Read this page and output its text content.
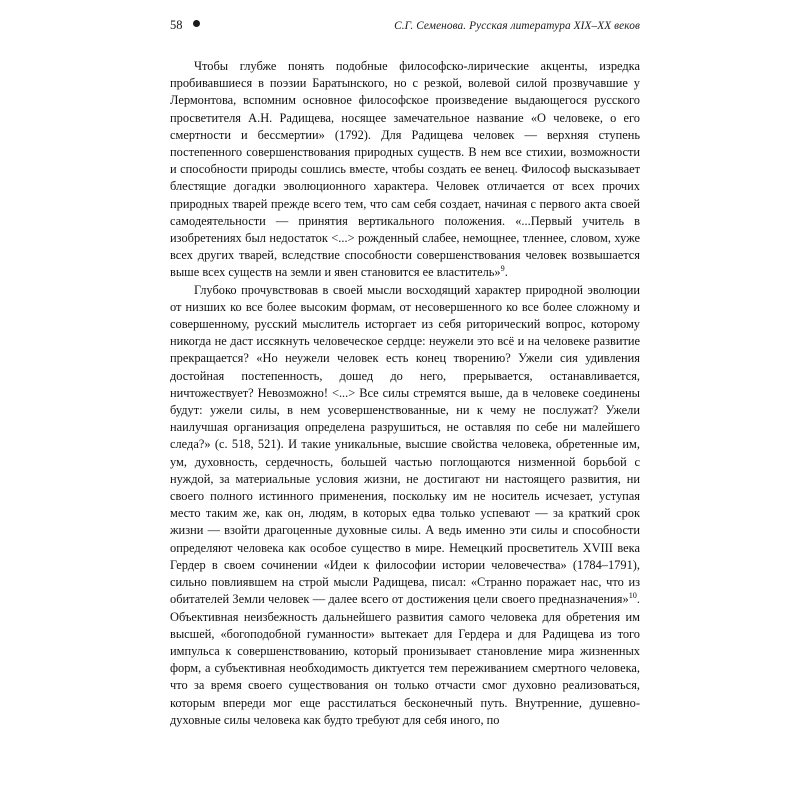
58	С.Г. Семенова. Русская литература XIX–XX веков

Чтобы глубже понять подобные философско-лирические акценты, изредка пробивавшиеся в поэзии Баратынского, но с резкой, волевой силой прозвучавшие у Лермонтова, вспомним основное философское произведение выдающегося русского просветителя А.Н. Радищева, носящее замечательное название «О человеке, о его смертности и бессмертии» (1792). Для Радищева человек — верхняя ступень постепенного совершенствования природных существ. В нем все стихии, возможности и способности природы сошлись вместе, чтобы создать ее венец. Философ высказывает блестящие догадки эволюционного характера. Человек отличается от всех прочих природных тварей прежде всего тем, что сам себя создает, начиная с первого акта своей самодеятельности — принятия вертикального положения. «...Первый учитель в изобретениях был недостаток <...> рожденный слабее, немощнее, тленнее, словом, хуже всех других тварей, вследствие способности совершенствования человек возвышается выше всех существ на земли и явен становится ее властитель»$^9$.

Глубоко прочувствовав в своей мысли восходящий характер природной эволюции от низших ко все более высоким формам, от несовершенного ко все более сложному и совершенному, русский мыслитель исторгает из себя риторический вопрос, которому никогда не даст иссякнуть человеческое сердце: неужели это всё и на человеке развитие прекращается? «Но неужели человек есть конец творению? Ужели сия удивления достойная постепенность, дошед до него, прерывается, останавливается, ничтожествует? Невозможно! <...> Все силы стремятся выше, да в человеке соединены будут: ужели силы, в нем усовершенствованные, ни к чему не послужат? Ужели наилучшая организация определена разрушиться, не оставляя по себе ни малейшего следа?» (с. 518, 521). И такие уникальные, высшие свойства человека, обретенные им, ум, духовность, сердечность, большей частью поглощаются низменной борьбой с нуждой, за материальные условия жизни, не достигают ни настоящего развития, ни своего полного истинного применения, поскольку им не носитель исчезает, уступая место таким же, как он, людям, в которых едва только успевают — за краткий срок жизни — взойти драгоценные духовные силы. А ведь именно эти силы и способности определяют человека как особое существо в мире. Немецкий просветитель XVIII века Гердер в своем сочинении «Идеи к философии истории человечества» (1784–1791), сильно повлиявшем на строй мысли Радищева, писал: «Странно поражает нас, что из обитателей Земли человек — далее всего от достижения цели своего предназначения»$^{10}$. Объективная неизбежность дальнейшего развития самого человека для обретения им высшей, «богоподобной гуманности» вытекает для Гердера и для Радищева из того импульса к совершенствованию, который пронизывает становление мира жизненных форм, а субъективная необходимость диктуется тем переживанием смертного человека, что за время своего существования он только отчасти смог духовно реализоваться, которым впереди мог еще расстилаться бесконечный путь. Внутренние, душевно-духовные силы человека как будто требуют для себя иного, по
